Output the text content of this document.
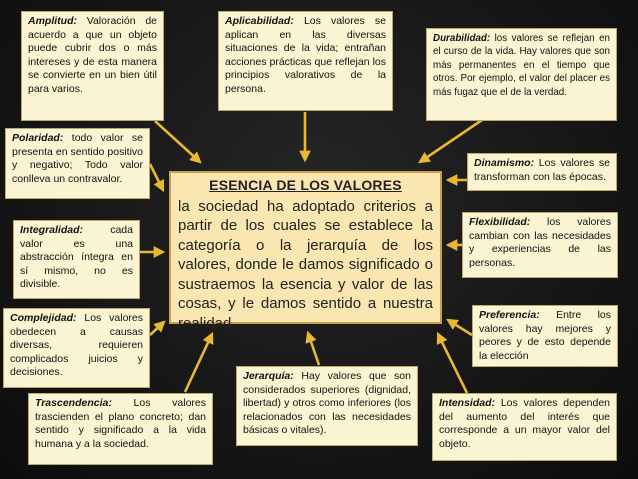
Amplitud: Valoración de acuerdo a que un objeto puede cubrir dos o más intereses y de esta manera se convierte en un bien útil para varios.
Aplicabilidad: Los valores se aplican en las diversas situaciones de la vida; entrañan acciones prácticas que reflejan los principios valorativos de la persona.
Durabilidad: los valores se reflejan en el curso de la vida. Hay valores que son más permanentes en el tiempo que otros. Por ejemplo, el valor del placer es más fugaz que el de la verdad.
Polaridad: todo valor se presenta en sentido positivo y negativo; Todo valor conlleva un contravalor.
Dinamismo: Los valores se transforman con las épocas.
Integralidad: cada valor es una abstracción íntegra en sí mismo, no es divisible.
Flexibilidad: los valores cambian con las necesidades y experiencias de las personas.
Complejidad: Los valores obedecen a causas diversas, requieren complicados juicios y decisiones.
Preferencia: Entre los valores hay mejores y peores y de esto depende la elección
Jerarquía: Hay valores que son considerados superiores (dignidad, libertad) y otros como inferiores (los relacionados con las necesidades básicas o vitales).
Trascendencia: Los valores trascienden el plano concreto; dan sentido y significado a la vida humana y a la sociedad.
Intensidad: Los valores dependen del aumento del interés que corresponde a un mayor valor del objeto.
ESENCIA DE LOS VALORES
la sociedad ha adoptado criterios a partir de los cuales se establece la categoría o la jerarquía de los valores, donde le damos significado o sustraemos la esencia y valor de las cosas, y le damos sentido a nuestra realidad.
